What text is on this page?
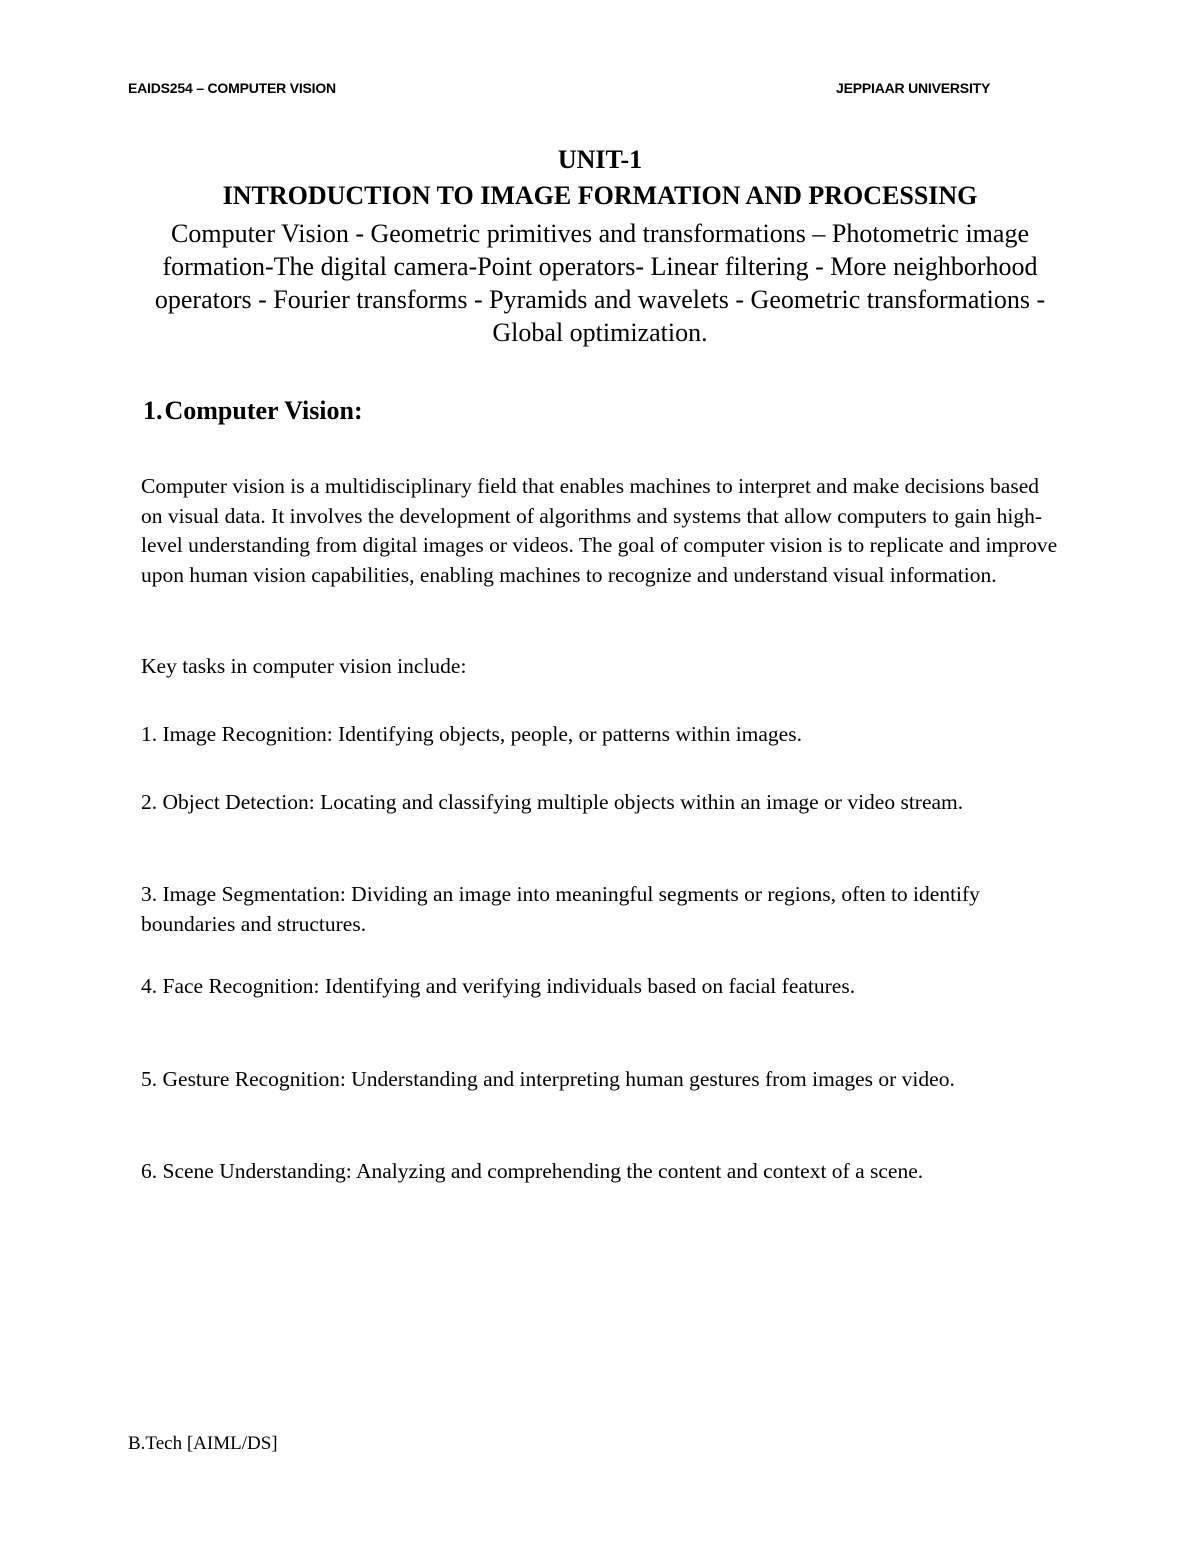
EAIDS254 – COMPUTER VISION	JEPPIAAR UNIVERSITY
UNIT-1
INTRODUCTION TO IMAGE FORMATION AND PROCESSING
Computer Vision - Geometric primitives and transformations – Photometric image formation-The digital camera-Point operators- Linear filtering - More neighborhood operators - Fourier transforms - Pyramids and wavelets - Geometric transformations - Global optimization.
1.Computer Vision:
Computer vision is a multidisciplinary field that enables machines to interpret and make decisions based on visual data. It involves the development of algorithms and systems that allow computers to gain high-level understanding from digital images or videos. The goal of computer vision is to replicate and improve upon human vision capabilities, enabling machines to recognize and understand visual information.
Key tasks in computer vision include:
1. Image Recognition: Identifying objects, people, or patterns within images.
2. Object Detection: Locating and classifying multiple objects within an image or video stream.
3. Image Segmentation: Dividing an image into meaningful segments or regions, often to identify boundaries and structures.
4. Face Recognition: Identifying and verifying individuals based on facial features.
5. Gesture Recognition: Understanding and interpreting human gestures from images or video.
6. Scene Understanding: Analyzing and comprehending the content and context of a scene.
B.Tech [AIML/DS]
